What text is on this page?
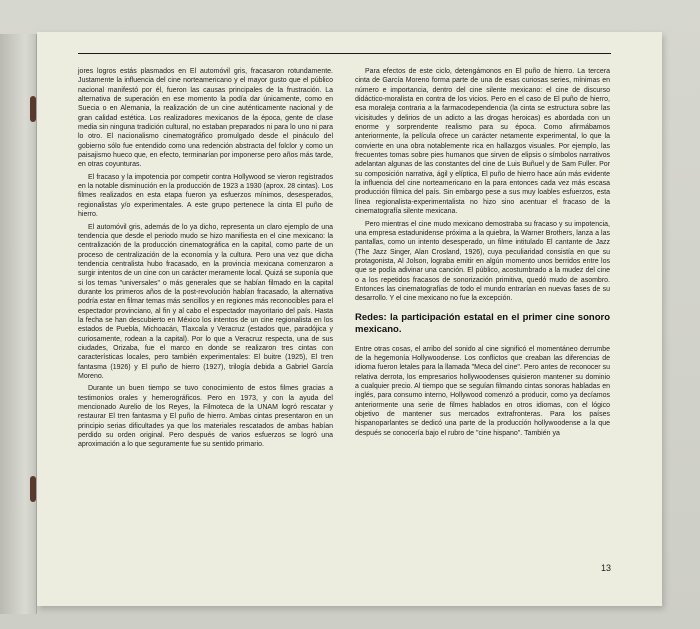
jores logros estás plasmados en El automóvil gris, fracasaron rotundamente. Justamente la influencia del cine norteamericano y el mayor gusto que el público nacional manifestó por él, fueron las causas principales de la frustración. La alternativa de superación en ese momento la podía dar únicamente, como en Suecia o en Alemania, la realización de un cine auténticamente nacional y de gran calidad estética. Los realizadores mexicanos de la época, gente de clase media sin ninguna tradición cultural, no estaban preparados ni para lo uno ni para lo otro. El nacionalismo cinematográfico promulgado desde el pináculo del gobierno sólo fue entendido como una redención abstracta del folclor y como un paisajismo hueco que, en efecto, terminarían por imponerse pero años más tarde, en otras coyunturas.

El fracaso y la impotencia por competir contra Hollywood se vieron registrados en la notable disminución en la producción de 1923 a 1930 (aprox. 28 cintas). Los filmes realizados en esta etapa fueron ya esfuerzos mínimos, desesperados, regionalistas y/o experimentales. A este grupo pertenece la cinta El puño de hierro.

El automóvil gris, además de lo ya dicho, representa un claro ejemplo de una tendencia que desde el periodo mudo se hizo manifiesta en el cine mexicano: la centralización de la producción cinematográfica en la capital, como parte de un proceso de centralización de la economía y la cultura. Pero una vez que dicha tendencia centralista hubo fracasado, en la provincia mexicana comenzaron a surgir intentos de un cine con un carácter meramente local. Quizá se suponía que si los temas "universales" o más generales que se habían filmado en la capital durante los primeros años de la post-revolución habían fracasado, la alternativa podría estar en filmar temas más sencillos y en regiones más reconocibles para el espectador provinciano, al fin y al cabo el espectador mayoritario del país. Hasta la fecha se han descubierto en México los intentos de un cine regionalista en los estados de Puebla, Michoacán, Tlaxcala y Veracruz (estados que, paradójica y curiosamente, rodean a la capital). Por lo que a Veracruz respecta, una de sus ciudades, Orizaba, fue el marco en donde se realizaron tres cintas con características locales, pero también experimentales: El buitre (1925), El tren fantasma (1926) y El puño de hierro (1927), trilogía debida a Gabriel García Moreno.

Durante un buen tiempo se tuvo conocimiento de estos filmes gracias a testimonios orales y hemerográficos. Pero en 1973, y con la ayuda del mencionado Aurelio de los Reyes, la Filmoteca de la UNAM logró rescatar y restaurar El tren fantasma y El puño de hierro. Ambas cintas presentaron en un principio serias dificultades ya que los materiales rescatados de ambas habían perdido su orden original. Pero después de varios esfuerzos se logró una aproximación a lo que seguramente fue su sentido primario.

Para efectos de este ciclo, detengámonos en El puño de hierro. La tercera cinta de García Moreno forma parte de una de esas curiosas series, mínimas en número e importancia, dentro del cine silente mexicano: el cine de discurso didáctico-moralista en contra de los vicios. Pero en el caso de El puño de hierro, esa moraleja contraria a la farmacodependencia (la cinta se estructura sobre las vicisitudes y delirios de un adicto a las drogas heroicas) es abordada con un enorme y sorprendente realismo para su época. Como afirmábamos anteriormente, la película ofrece un carácter netamente experimental, lo que la convierte en una obra notablemente rica en hallazgos visuales. Por ejemplo, las frecuentes tomas sobre pies humanos que sirven de elipsis o símbolos narrativos adelantan algunas de las constantes del cine de Luis Buñuel y de Sam Fuller. Por su composición narrativa, ágil y elíptica, El puño de hierro hace aún más evidente la influencia del cine norteamericano en la para entonces cada vez más escasa producción fílmica del país. Sin embargo pese a sus muy loables esfuerzos, esta línea regionalista-experimentalista no hizo sino acentuar el fracaso de la cinematografía silente mexicana.

Pero mientras el cine mudo mexicano demostraba su fracaso y su impotencia, una empresa estadunidense próxima a la quiebra, la Warner Brothers, lanza a las pantallas, como un intento desesperado, un filme intitulado El cantante de Jazz (The Jazz Singer, Alan Crosland, 1926), cuya peculiaridad consistía en que su protagonista, Al Jolson, lograba emitir en algún momento unos berridos entre los que se podía adivinar una canción. El público, acostumbrado a la mudez del cine o a los repetidos fracasos de sonorización primitiva, quedó mudo de asombro. Entonces las cinematografías de todo el mundo entrarían en nuevas fases de su desarrollo. Y el cine mexicano no fue la excepción.

Redes: la participación estatal en el primer cine sonoro mexicano.

Entre otras cosas, el arribo del sonido al cine significó el momentáneo derrumbe de la hegemonía Hollywoodense. Los conflictos que creaban las diferencias de idioma fueron letales para la llamada "Meca del cine". Pero antes de reconocer su relativa derrota, los empresarios hollywoodenses quisieron mantener su dominio a cualquier precio. Al tiempo que se seguían filmando cintas sonoras habladas en inglés, para consumo interno, Hollywood comenzó a producir, como ya decíamos anteriormente una serie de filmes hablados en otros idiomas, con el lógico objetivo de mantener sus mercados extrafronteras. Para los países hispanoparlantes se dedicó una parte de la producción hollywoodense a la que después se conocería bajo el rubro de "cine hispano". También ya

13
